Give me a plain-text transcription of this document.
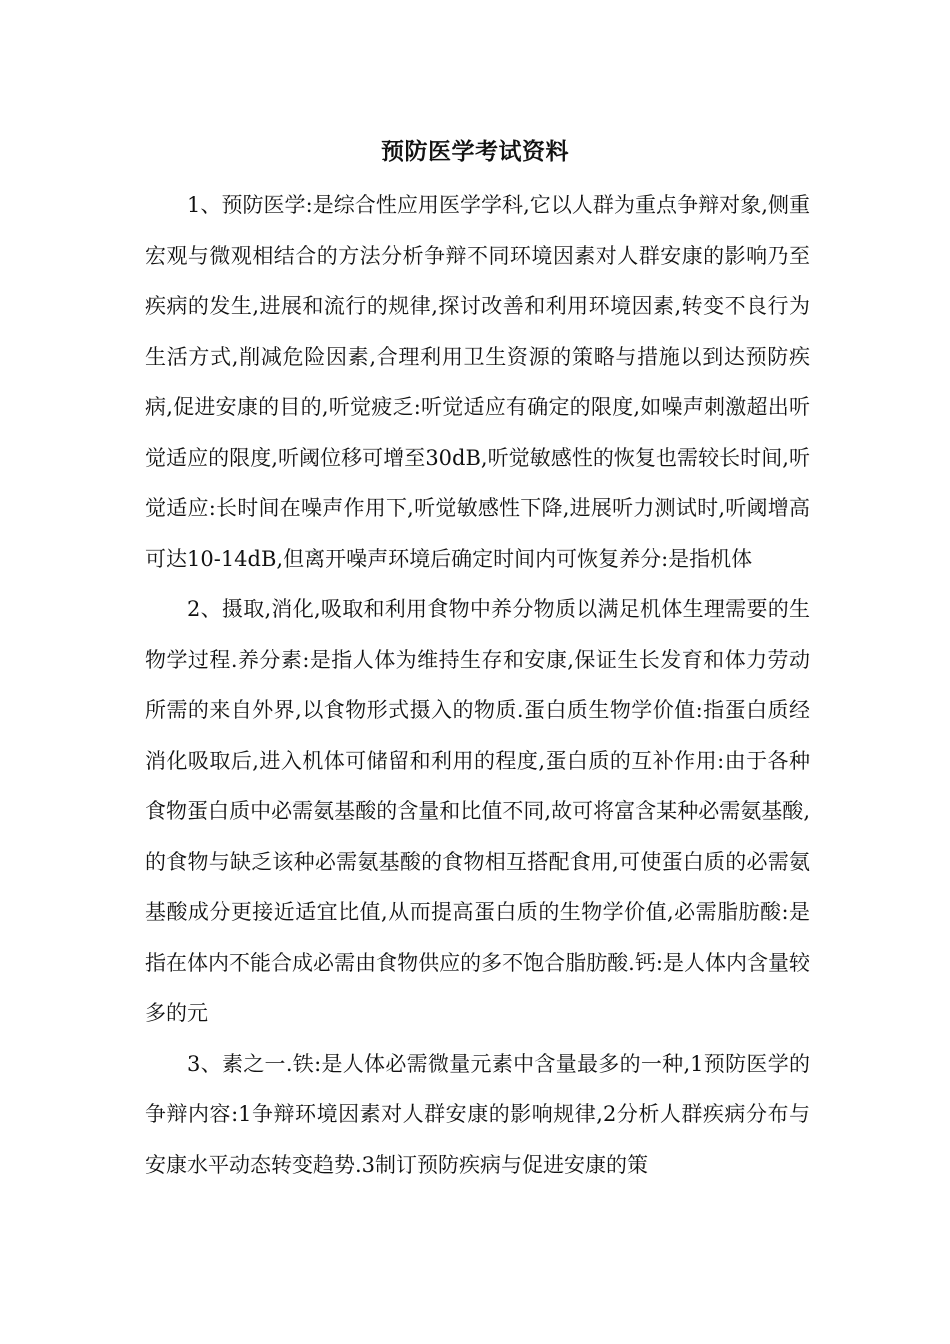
预防医学考试资料

1、预防医学:是综合性应用医学学科,它以人群为重点争辩对象,侧重宏观与微观相结合的方法分析争辩不同环境因素对人群安康的影响乃至疾病的发生,进展和流行的规律,探讨改善和利用环境因素,转变不良行为生活方式,削减危险因素,合理利用卫生资源的策略与措施以到达预防疾病,促进安康的目的,听觉疲乏:听觉适应有确定的限度,如噪声刺激超出听觉适应的限度,听阈位移可增至30dB,听觉敏感性的恢复也需较长时间,听觉适应:长时间在噪声作用下,听觉敏感性下降,进展听力测试时,听阈增高可达10-14dB,但离开噪声环境后确定时间内可恢复养分:是指机体

2、摄取,消化,吸取和利用食物中养分物质以满足机体生理需要的生物学过程.养分素:是指人体为维持生存和安康,保证生长发育和体力劳动所需的来自外界,以食物形式摄入的物质.蛋白质生物学价值:指蛋白质经消化吸取后,进入机体可储留和利用的程度,蛋白质的互补作用:由于各种食物蛋白质中必需氨基酸的含量和比值不同,故可将富含某种必需氨基酸,的食物与缺乏该种必需氨基酸的食物相互搭配食用,可使蛋白质的必需氨基酸成分更接近适宜比值,从而提高蛋白质的生物学价值,必需脂肪酸:是指在体内不能合成必需由食物供应的多不饱合脂肪酸.钙:是人体内含量较多的元

3、素之一.铁:是人体必需微量元素中含量最多的一种,1预防医学的争辩内容:1争辩环境因素对人群安康的影响规律,2分析人群疾病分布与安康水平动态转变趋势.3制订预防疾病与促进安康的策
